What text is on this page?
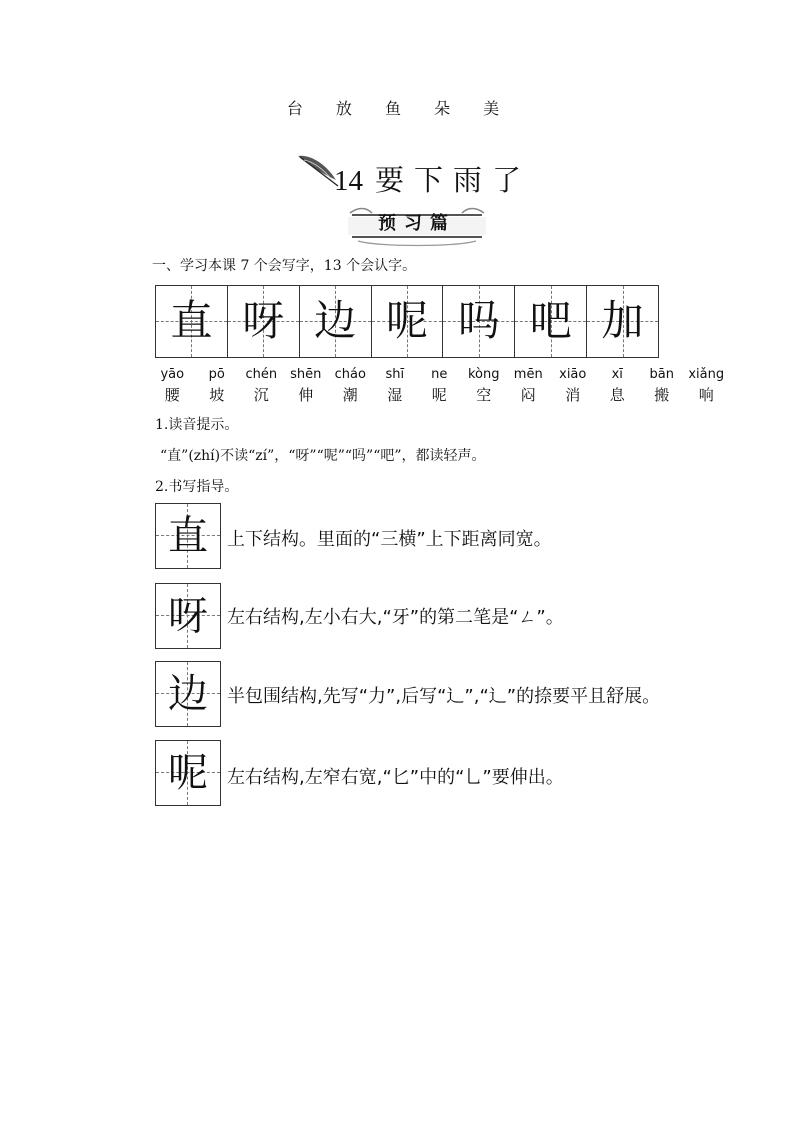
台 放 鱼 朵 美
14 要下雨了
预习篇
一、学习本课 7 个会写字，13 个会认字。
直 呀 边 呢 吗 吧 加
yāo	pō	chén	shēn	cháo	shī	ne	kòng	mēn	xiāo	xī	bān	xiǎng
腰	坡	沉	伸	潮	湿	呢	空	闷	消	息	搬	响
1.读音提示。
“直”(zhí)不读“zí”，“呀”“呢”“吗”“吧”，都读轻声。
2.书写指导。
直	上下结构。里面的“三横”上下距离同宽。
呀	左右结构,左小右大,“牙”的第二笔是“ㄥ”。
边	半包围结构,先写“力”,后写“辶”,“辶”的捺要平且舒展。
呢	左右结构,左窄右宽,“匕”中的“乚”要伸出。
